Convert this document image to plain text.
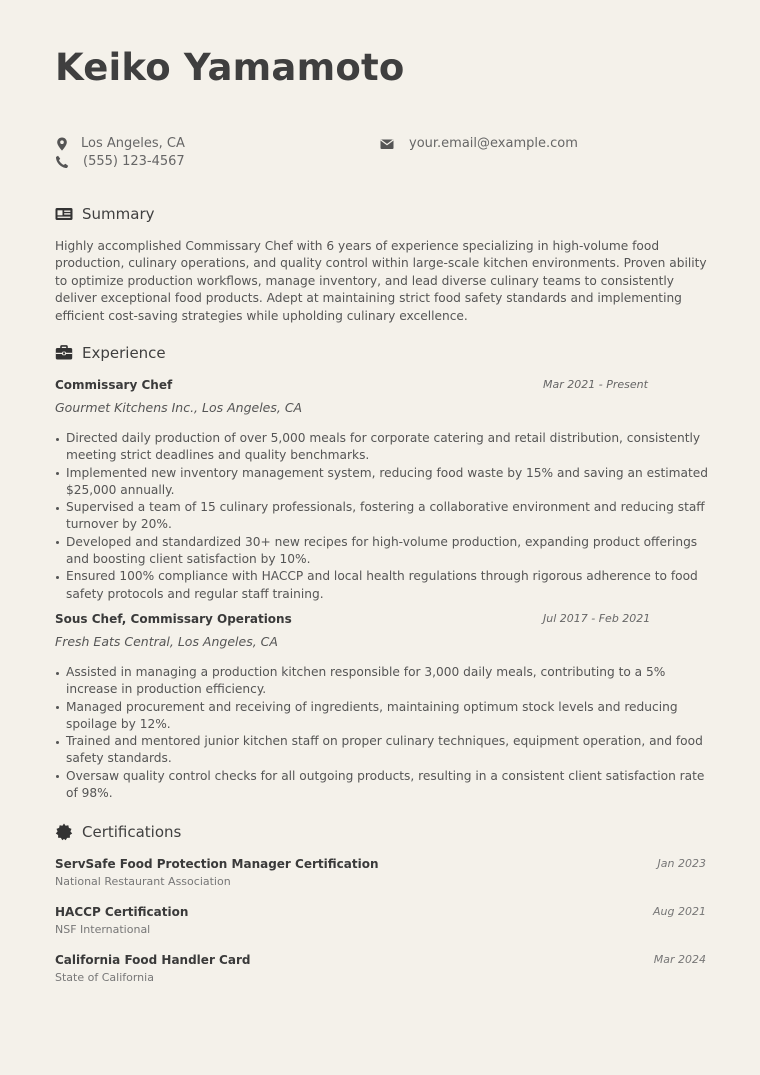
Keiko Yamamoto
Los Angeles, CA
(555) 123-4567
your.email@example.com
Summary
Highly accomplished Commissary Chef with 6 years of experience specializing in high-volume food production, culinary operations, and quality control within large-scale kitchen environments. Proven ability to optimize production workflows, manage inventory, and lead diverse culinary teams to consistently deliver exceptional food products. Adept at maintaining strict food safety standards and implementing efficient cost-saving strategies while upholding culinary excellence.
Experience
Commissary Chef	Mar 2021 - Present
Gourmet Kitchens Inc., Los Angeles, CA
Directed daily production of over 5,000 meals for corporate catering and retail distribution, consistently meeting strict deadlines and quality benchmarks.
Implemented new inventory management system, reducing food waste by 15% and saving an estimated $25,000 annually.
Supervised a team of 15 culinary professionals, fostering a collaborative environment and reducing staff turnover by 20%.
Developed and standardized 30+ new recipes for high-volume production, expanding product offerings and boosting client satisfaction by 10%.
Ensured 100% compliance with HACCP and local health regulations through rigorous adherence to food safety protocols and regular staff training.
Sous Chef, Commissary Operations	Jul 2017 - Feb 2021
Fresh Eats Central, Los Angeles, CA
Assisted in managing a production kitchen responsible for 3,000 daily meals, contributing to a 5% increase in production efficiency.
Managed procurement and receiving of ingredients, maintaining optimum stock levels and reducing spoilage by 12%.
Trained and mentored junior kitchen staff on proper culinary techniques, equipment operation, and food safety standards.
Oversaw quality control checks for all outgoing products, resulting in a consistent client satisfaction rate of 98%.
Certifications
ServSafe Food Protection Manager Certification	Jan 2023
National Restaurant Association
HACCP Certification	Aug 2021
NSF International
California Food Handler Card	Mar 2024
State of California
